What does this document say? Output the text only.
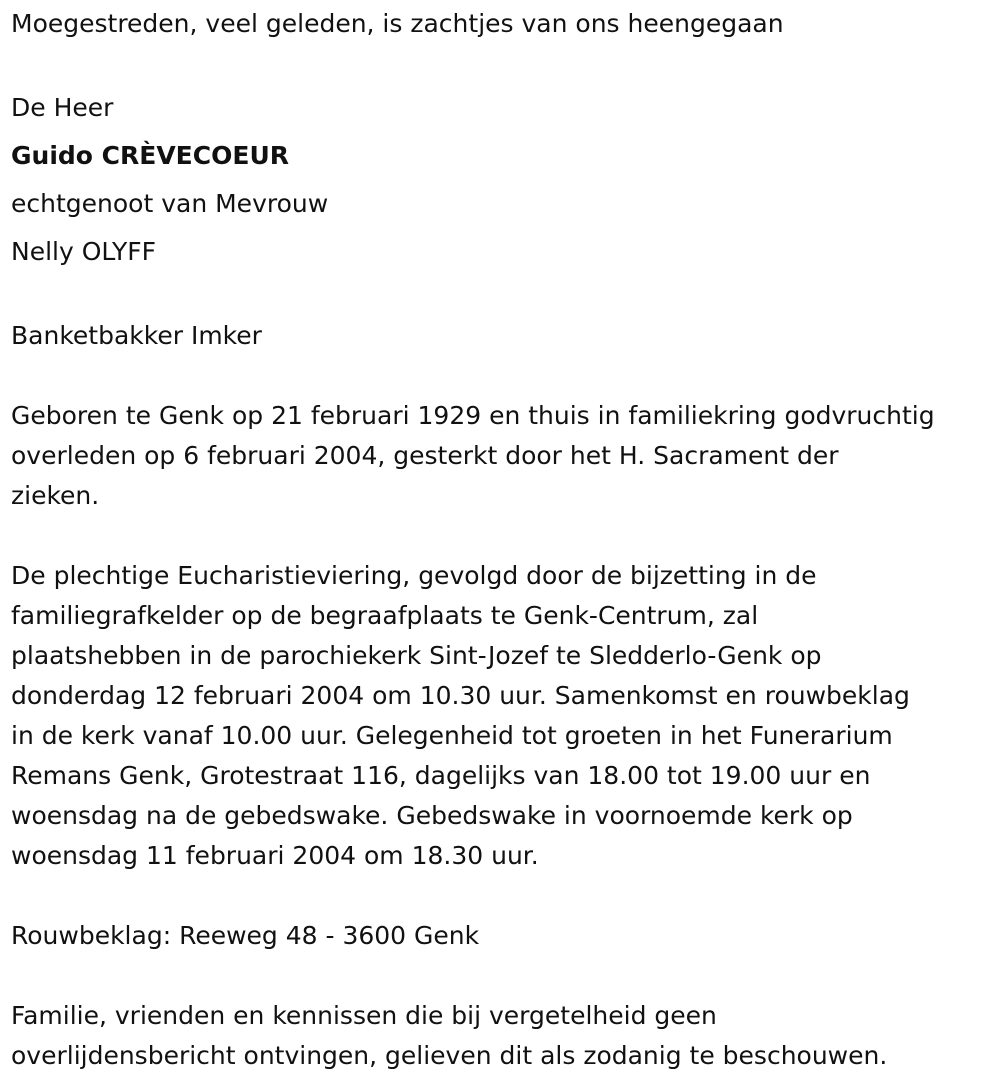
Moegestreden, veel geleden, is zachtjes van ons heengegaan

De Heer
Guido CRÈVECOEUR
echtgenoot van Mevrouw
Nelly OLYFF

Banketbakker Imker

Geboren te Genk op 21 februari 1929 en thuis in familiekring godvruchtig
overleden op 6 februari 2004, gesterkt door het H. Sacrament der
zieken.
De plechtige Eucharistieviering, gevolgd door de bijzetting in de
familiegrafkelder op de begraafplaats te Genk-Centrum, zal
plaatshebben in de parochiekerk Sint-Jozef te Sledderlo-Genk op
donderdag 12 februari 2004 om 10.30 uur. Samenkomst en rouwbeklag
in de kerk vanaf 10.00 uur. Gelegenheid tot groeten in het Funerarium
Remans Genk, Grotestraat 116, dagelijks van 18.00 tot 19.00 uur en
woensdag na de gebedswake. Gebedswake in voornoemde kerk op
woensdag 11 februari 2004 om 18.30 uur.

Rouwbeklag: Reeweg 48 - 3600 Genk

Familie, vrienden en kennissen die bij vergetelheid geen
overlijdensbericht ontvingen, gelieven dit als zodanig te beschouwen.
